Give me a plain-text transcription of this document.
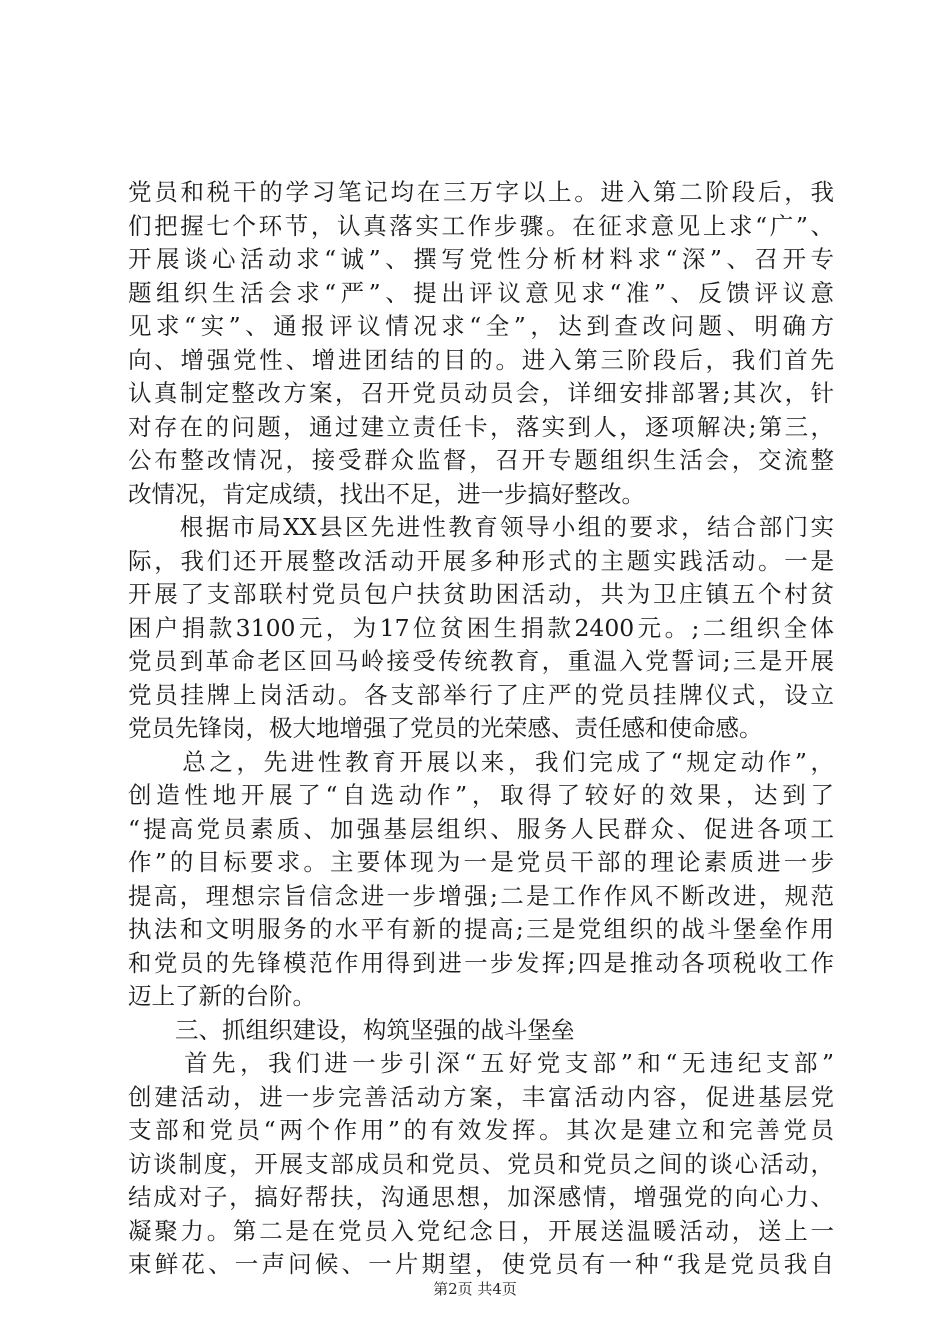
党员和税干的学习笔记均在三万字以上。进入第二阶段后，我
们把握七个环节，认真落实工作步骤。在征求意见上求“广”、
开展谈心活动求“诚”、撰写党性分析材料求“深”、召开专
题组织生活会求“严”、提出评议意见求“准”、反馈评议意
见求“实”、通报评议情况求“全”，达到查改问题、明确方
向、增强党性、增进团结的目的。进入第三阶段后，我们首先
认真制定整改方案，召开党员动员会，详细安排部署;其次，针
对存在的问题，通过建立责任卡，落实到人，逐项解决;第三，
公布整改情况，接受群众监督，召开专题组织生活会，交流整
改情况，肯定成绩，找出不足，进一步搞好整改。
　　根据市局XX县区先进性教育领导小组的要求，结合部门实
际，我们还开展整改活动开展多种形式的主题实践活动。一是
开展了支部联村党员包户扶贫助困活动，共为卫庄镇五个村贫
困户捐款3100元，为17位贫困生捐款2400元。;二组织全体
党员到革命老区回马岭接受传统教育，重温入党誓词;三是开展
党员挂牌上岗活动。各支部举行了庄严的党员挂牌仪式，设立
党员先锋岗，极大地增强了党员的光荣感、责任感和使命感。
　　总之，先进性教育开展以来，我们完成了“规定动作”，
创造性地开展了“自选动作”，取得了较好的效果，达到了
“提高党员素质、加强基层组织、服务人民群众、促进各项工
作”的目标要求。主要体现为一是党员干部的理论素质进一步
提高，理想宗旨信念进一步增强;二是工作作风不断改进，规范
执法和文明服务的水平有新的提高;三是党组织的战斗堡垒作用
和党员的先锋模范作用得到进一步发挥;四是推动各项税收工作
迈上了新的台阶。
　　三、抓组织建设，构筑坚强的战斗堡垒
　　首先，我们进一步引深“五好党支部”和“无违纪支部”
创建活动，进一步完善活动方案，丰富活动内容，促进基层党
支部和党员“两个作用”的有效发挥。其次是建立和完善党员
访谈制度，开展支部成员和党员、党员和党员之间的谈心活动，
结成对子，搞好帮扶，沟通思想，加深感情，增强党的向心力、
凝聚力。第二是在党员入党纪念日，开展送温暖活动，送上一
束鲜花、一声问候、一片期望，使党员有一种“我是党员我自
第2页 共4页
